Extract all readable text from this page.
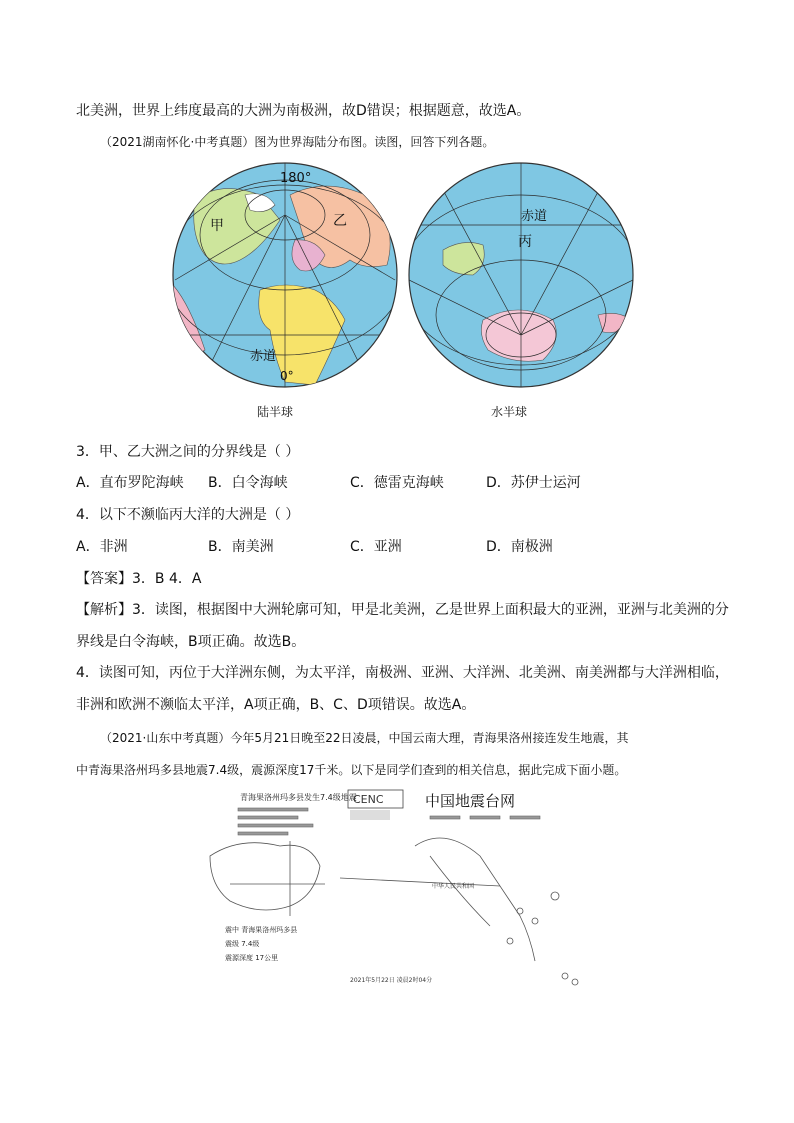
北美洲，世界上纬度最高的大洲为南极洲，故D错误；根据题意，故选A。
（2021湖南怀化·中考真题）图为世界海陆分布图。读图，回答下列各题。
180°
甲	乙
赤道
0°
陆半球
赤道
丙
水半球
3．甲、乙大洲之间的分界线是（ ）
A．直布罗陀海峡 B．白令海峡	C．德雷克海峡	D．苏伊士运河
4．以下不濒临丙大洋的大洲是（ ）
A．非洲	B．南美洲	C．亚洲	D．南极洲
【答案】3．B 4．A
【解析】3．读图，根据图中大洲轮廓可知，甲是北美洲，乙是世界上面积最大的亚洲，亚洲与北美洲的分
界线是白令海峡，B项正确。故选B。
4．读图可知，丙位于大洋洲东侧，为太平洋，南极洲、亚洲、大洋洲、北美洲、南美洲都与大洋洲相临，
非洲和欧洲不濒临太平洋，A项正确，B、C、D项错误。故选A。
（2021·山东中考真题）今年5月21日晚至22日凌晨，中国云南大理，青海果洛州接连发生地震，其
中青海果洛州玛多县地震7.4级，震源深度17千米。以下是同学们查到的相关信息，据此完成下面小题。
青海果洛州玛多县发生7.4级地震
CENC	中国地震台网
中华人民共和国
震中 青海果洛州玛多县
震级 7.4级
震源深度 17公里
2021年5月22日 凌晨2时04分
